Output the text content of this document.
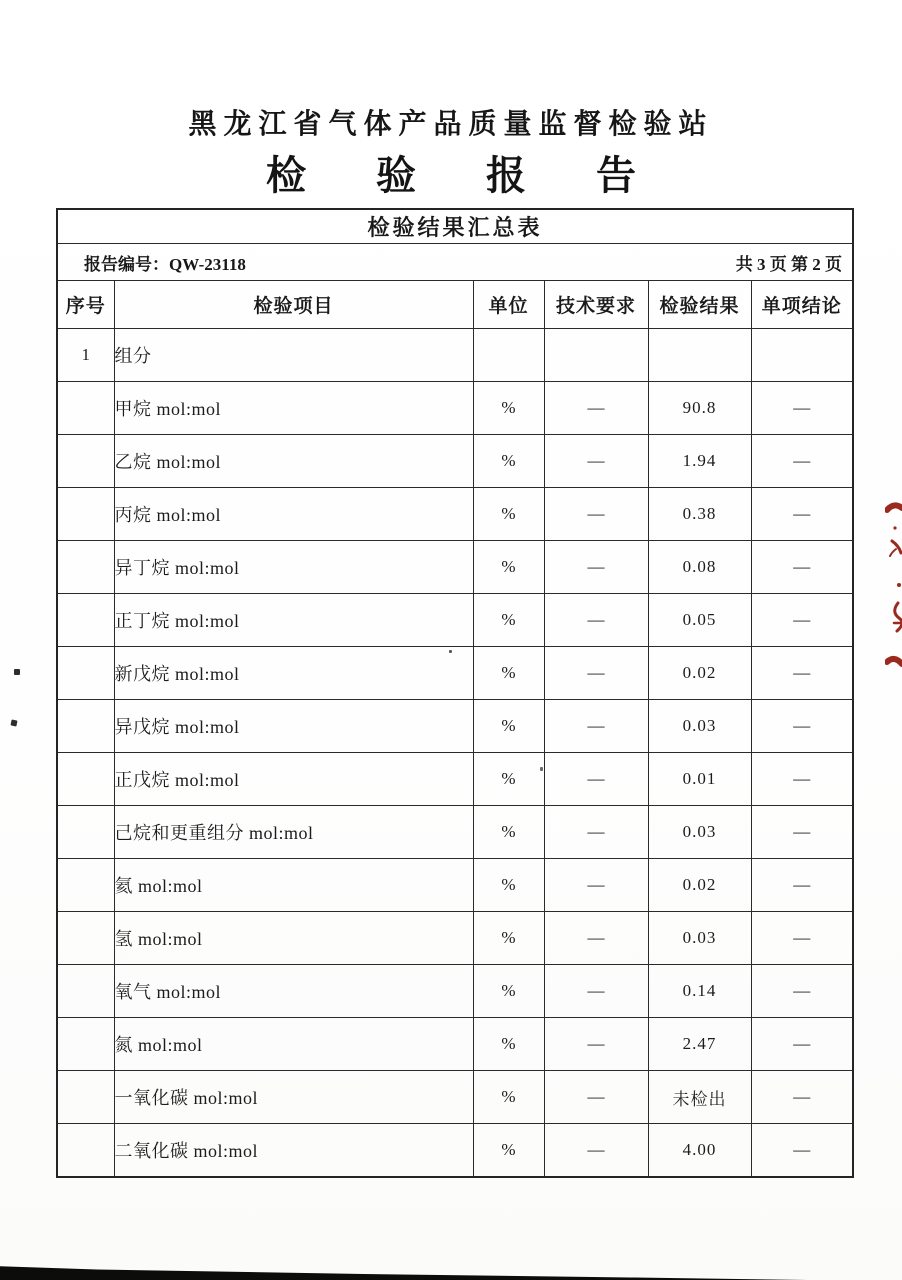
黑龙江省气体产品质量监督检验站
检 验 报 告
检验结果汇总表					

报告编号：QW-23118 共 3 页 第 2 页					

序号	检验项目	单位	技术要求	检验结果	单项结论
1	组分				
	甲烷 mol:mol	%	—	90.8	—
	乙烷 mol:mol	%	—	1.94	—
	丙烷 mol:mol	%	—	0.38	—
	异丁烷 mol:mol	%	—	0.08	—
	正丁烷 mol:mol	%	—	0.05	—
	新戊烷 mol:mol	%	—	0.02	—
	异戊烷 mol:mol	%	—	0.03	—
	正戊烷 mol:mol	%	—	0.01	—
	己烷和更重组分 mol:mol	%	—	0.03	—
	氦 mol:mol	%	—	0.02	—
	氢 mol:mol	%	—	0.03	—
	氧气 mol:mol	%	—	0.14	—
	氮 mol:mol	%	—	2.47	—
	一氧化碳 mol:mol	%	—	未检出	—
	二氧化碳 mol:mol	%	—	4.00	—
